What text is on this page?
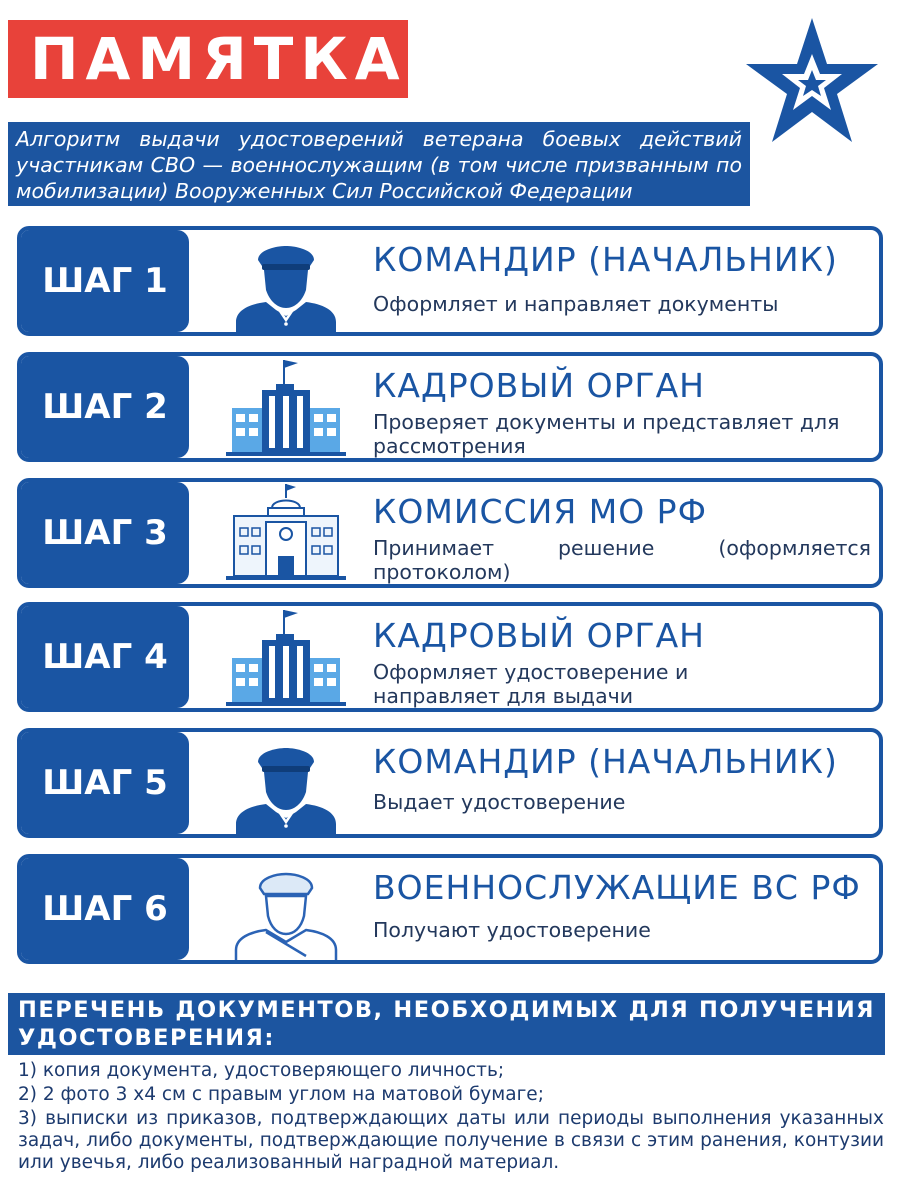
ПАМЯТКА
Алгоритм выдачи удостоверений ветерана боевых действий участникам СВО — военнослужащим (в том числе призванным по мобилизации) Вооруженных Сил Российской Федерации
ШАГ 1
КОМАНДИР (НАЧАЛЬНИК)
Оформляет и направляет документы
ШАГ 2
КАДРОВЫЙ ОРГАН
Проверяет документы и представляет для рассмотрения
ШАГ 3
КОМИССИЯ МО РФ
Принимает решение (оформляется протоколом)
ШАГ 4
КАДРОВЫЙ ОРГАН
Оформляет удостоверение и направляет для выдачи
ШАГ 5
КОМАНДИР (НАЧАЛЬНИК)
Выдает удостоверение
ШАГ 6
ВОЕННОСЛУЖАЩИЕ ВС РФ
Получают удостоверение
ПЕРЕЧЕНЬ ДОКУМЕНТОВ, НЕОБХОДИМЫХ ДЛЯ ПОЛУЧЕНИЯ УДОСТОВЕРЕНИЯ:

1) копия документа, удостоверяющего личность;

2) 2 фото 3 х4 см с правым углом на матовой бумаге;

3) выписки из приказов, подтверждающих даты или периоды выполнения указанных задач, либо документы, подтверждающие получение в связи с этим ранения, контузии или увечья, либо реализованный наградной материал.
